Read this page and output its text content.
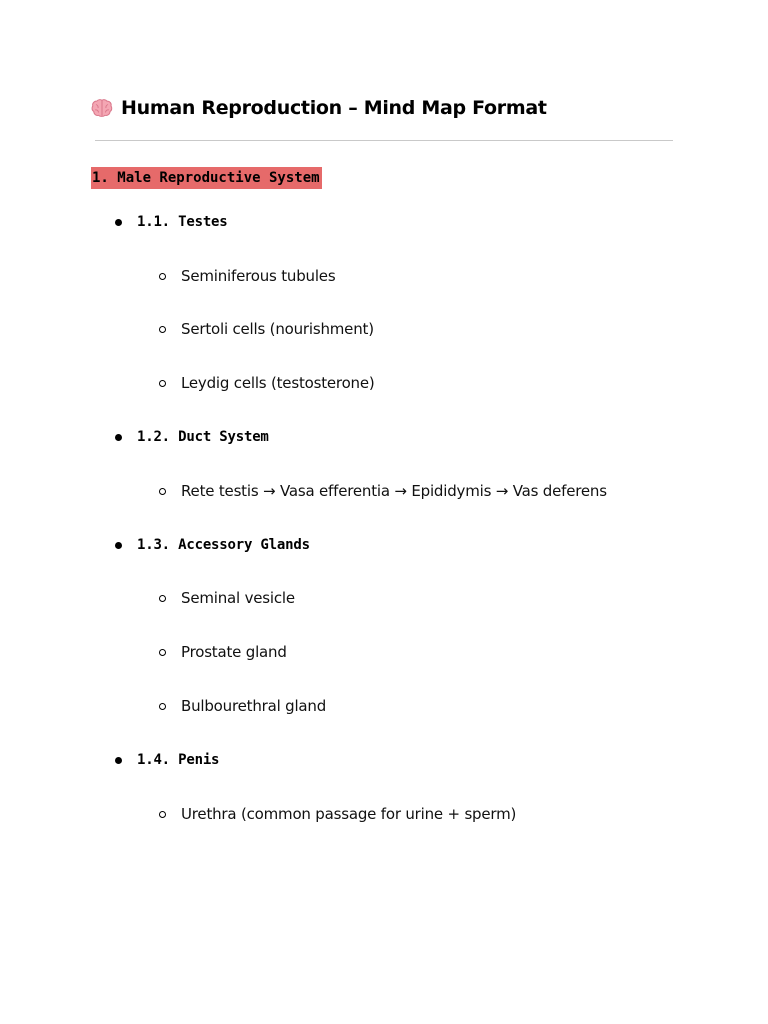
Human Reproduction – Mind Map Format
1. Male Reproductive System
1.1. Testes
Seminiferous tubules
Sertoli cells (nourishment)
Leydig cells (testosterone)
1.2. Duct System
Rete testis → Vasa efferentia → Epididymis → Vas deferens
1.3. Accessory Glands
Seminal vesicle
Prostate gland
Bulbourethral gland
1.4. Penis
Urethra (common passage for urine + sperm)
